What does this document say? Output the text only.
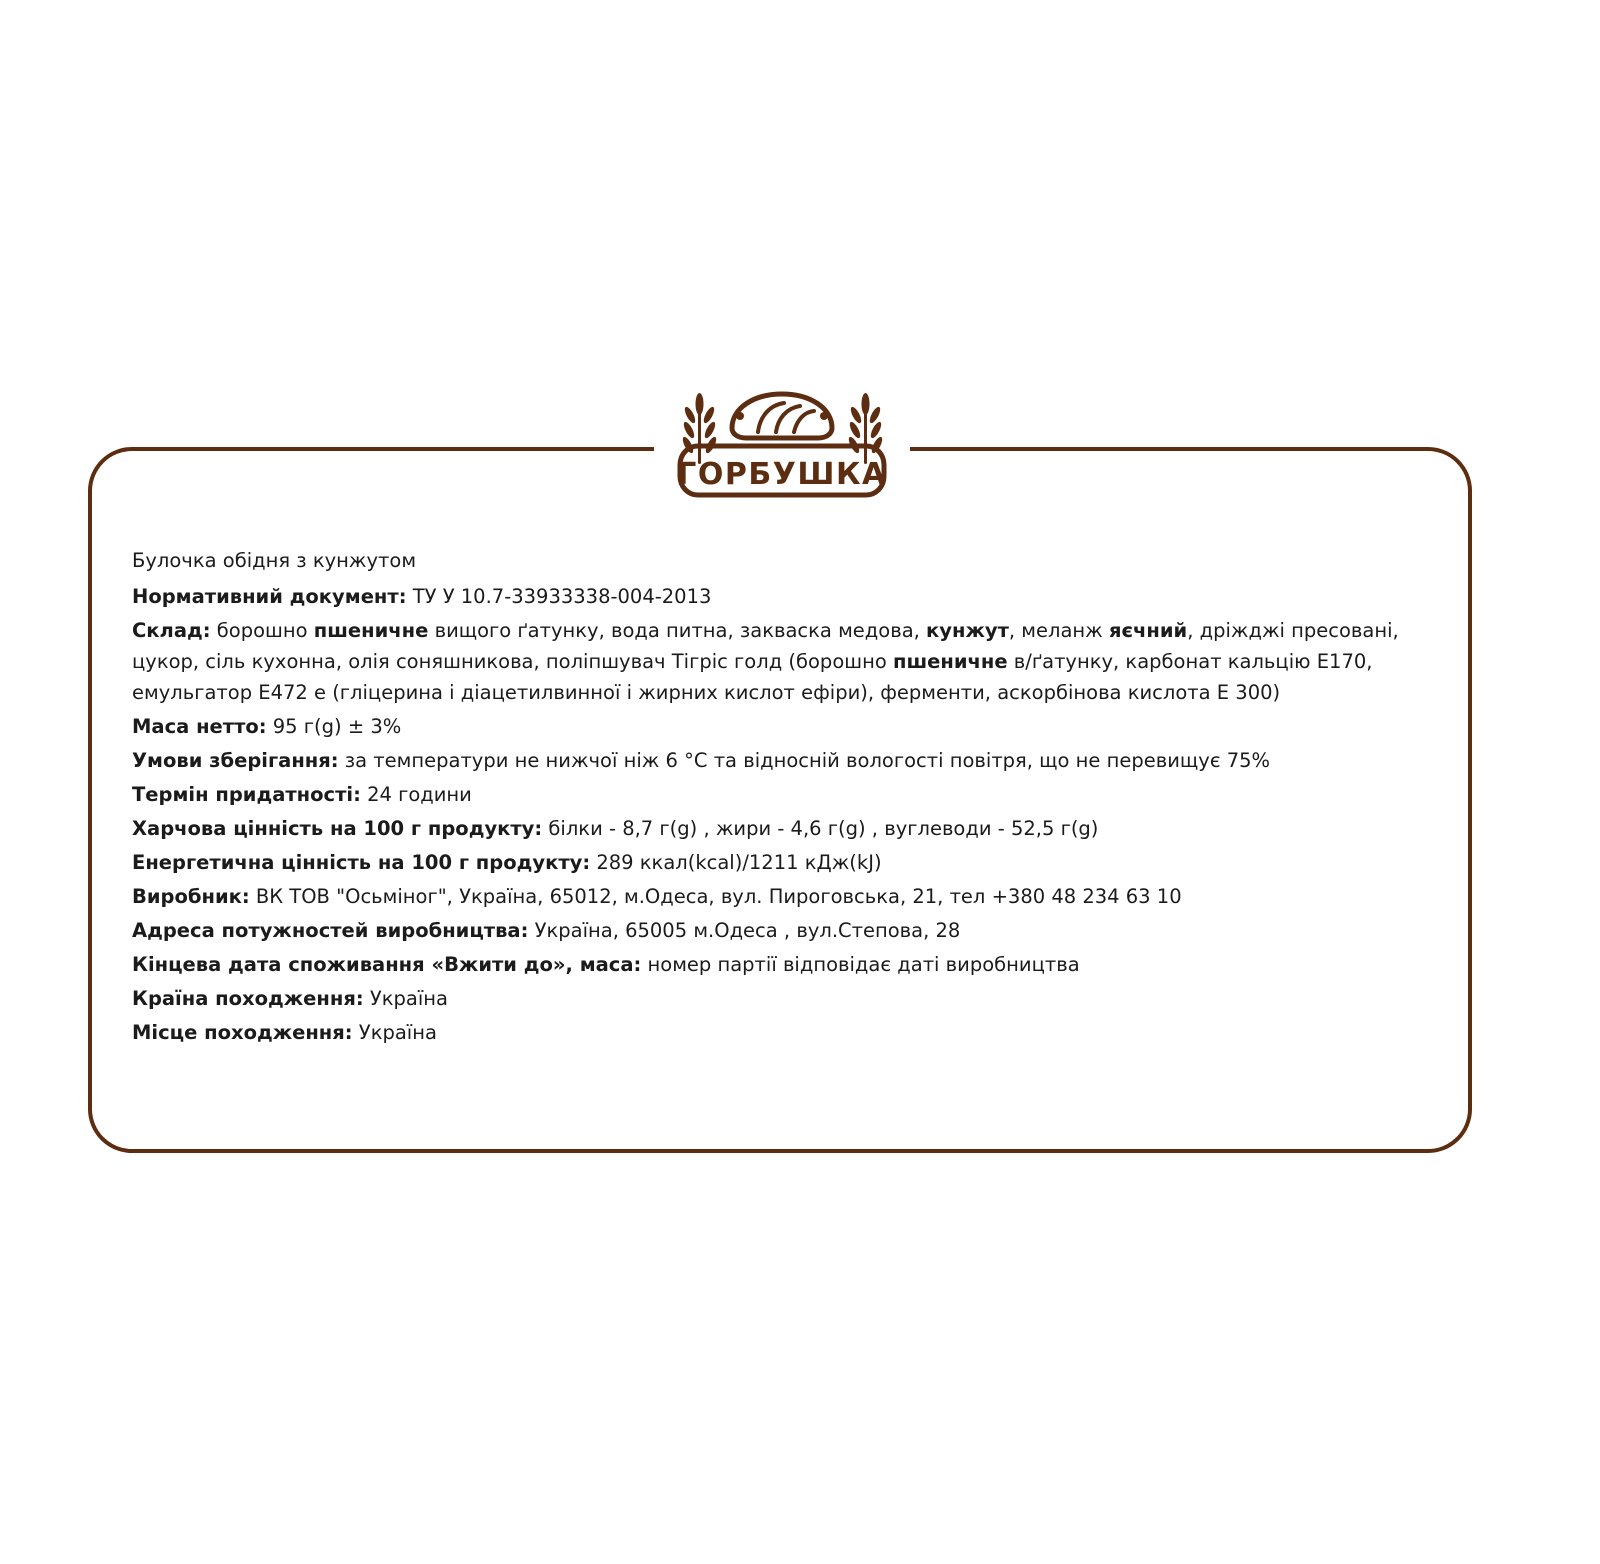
ГОРБУШКА

Булочка обідня з кунжутом

Нормативний документ: ТУ У 10.7-33933338-004-2013

Склад: борошно пшеничне вищого ґатунку, вода питна, закваска медова, кунжут, меланж яєчний, дріжджі пресовані, цукор, сіль кухонна, олія соняшникова, поліпшувач Тігріс голд (борошно пшеничне в/ґатунку, карбонат кальцію Е170, емульгатор Е472 е (гліцерина і діацетилвинної і жирних кислот ефіри), ферменти, аскорбінова кислота Е 300)

Маса нетто: 95 г(g) ± 3%

Умови зберігання: за температури не нижчої ніж 6 °С та відносній вологості повітря, що не перевищує 75%

Термін придатності: 24 години

Харчова цінність на 100 г продукту: білки - 8,7 г(g) , жири - 4,6 г(g) , вуглеводи - 52,5 г(g)

Енергетична цінність на 100 г продукту: 289 ккал(kcal)/1211 кДж(kJ)

Виробник: ВК ТОВ "Осьміног", Україна, 65012, м.Одеса, вул. Пироговська, 21, тел +380 48 234 63 10

Адреса потужностей виробництва: Україна, 65005 м.Одеса , вул.Степова, 28

Кінцева дата споживання «Вжити до», маса: номер партії відповідає даті виробництва

Країна походження: Україна

Місце походження: Україна
